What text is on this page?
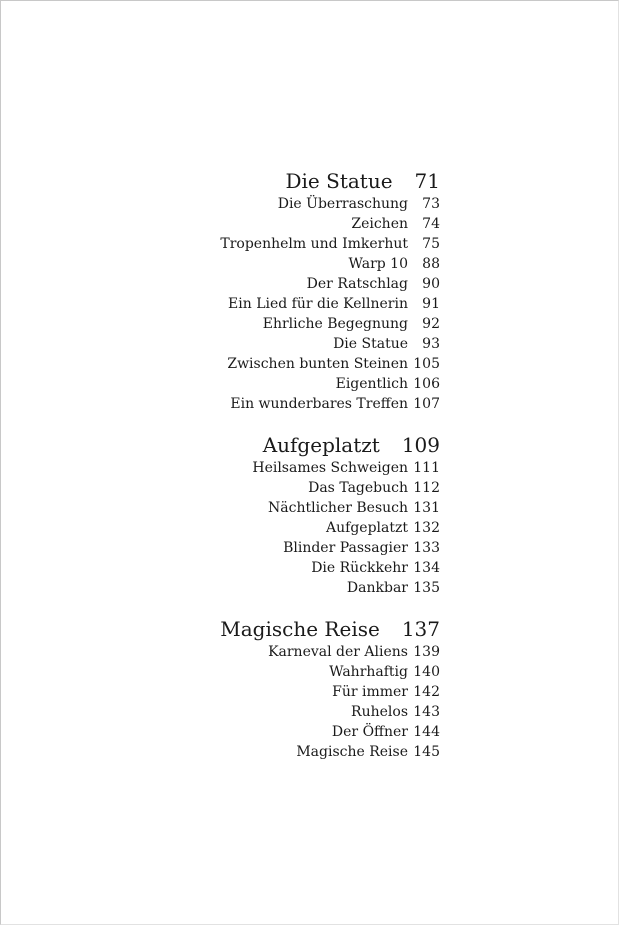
Die Statue 71
Die Überraschung	73
Zeichen	74
Tropenhelm und Imkerhut	75
Warp 10	88
Der Ratschlag	90
Ein Lied für die Kellnerin	91
Ehrliche Begegnung	92
Die Statue	93
Zwischen bunten Steinen 105
Eigentlich 106
Ein wunderbares Treffen 107
Aufgeplatzt 109
Heilsames Schweigen 111
Das Tagebuch 112
Nächtlicher Besuch 131
Aufgeplatzt 132
Blinder Passagier 133
Die Rückkehr 134
Dankbar 135
Magische Reise 137
Karneval der Aliens 139
Wahrhaftig 140
Für immer 142
Ruhelos 143
Der Öffner 144
Magische Reise 145
